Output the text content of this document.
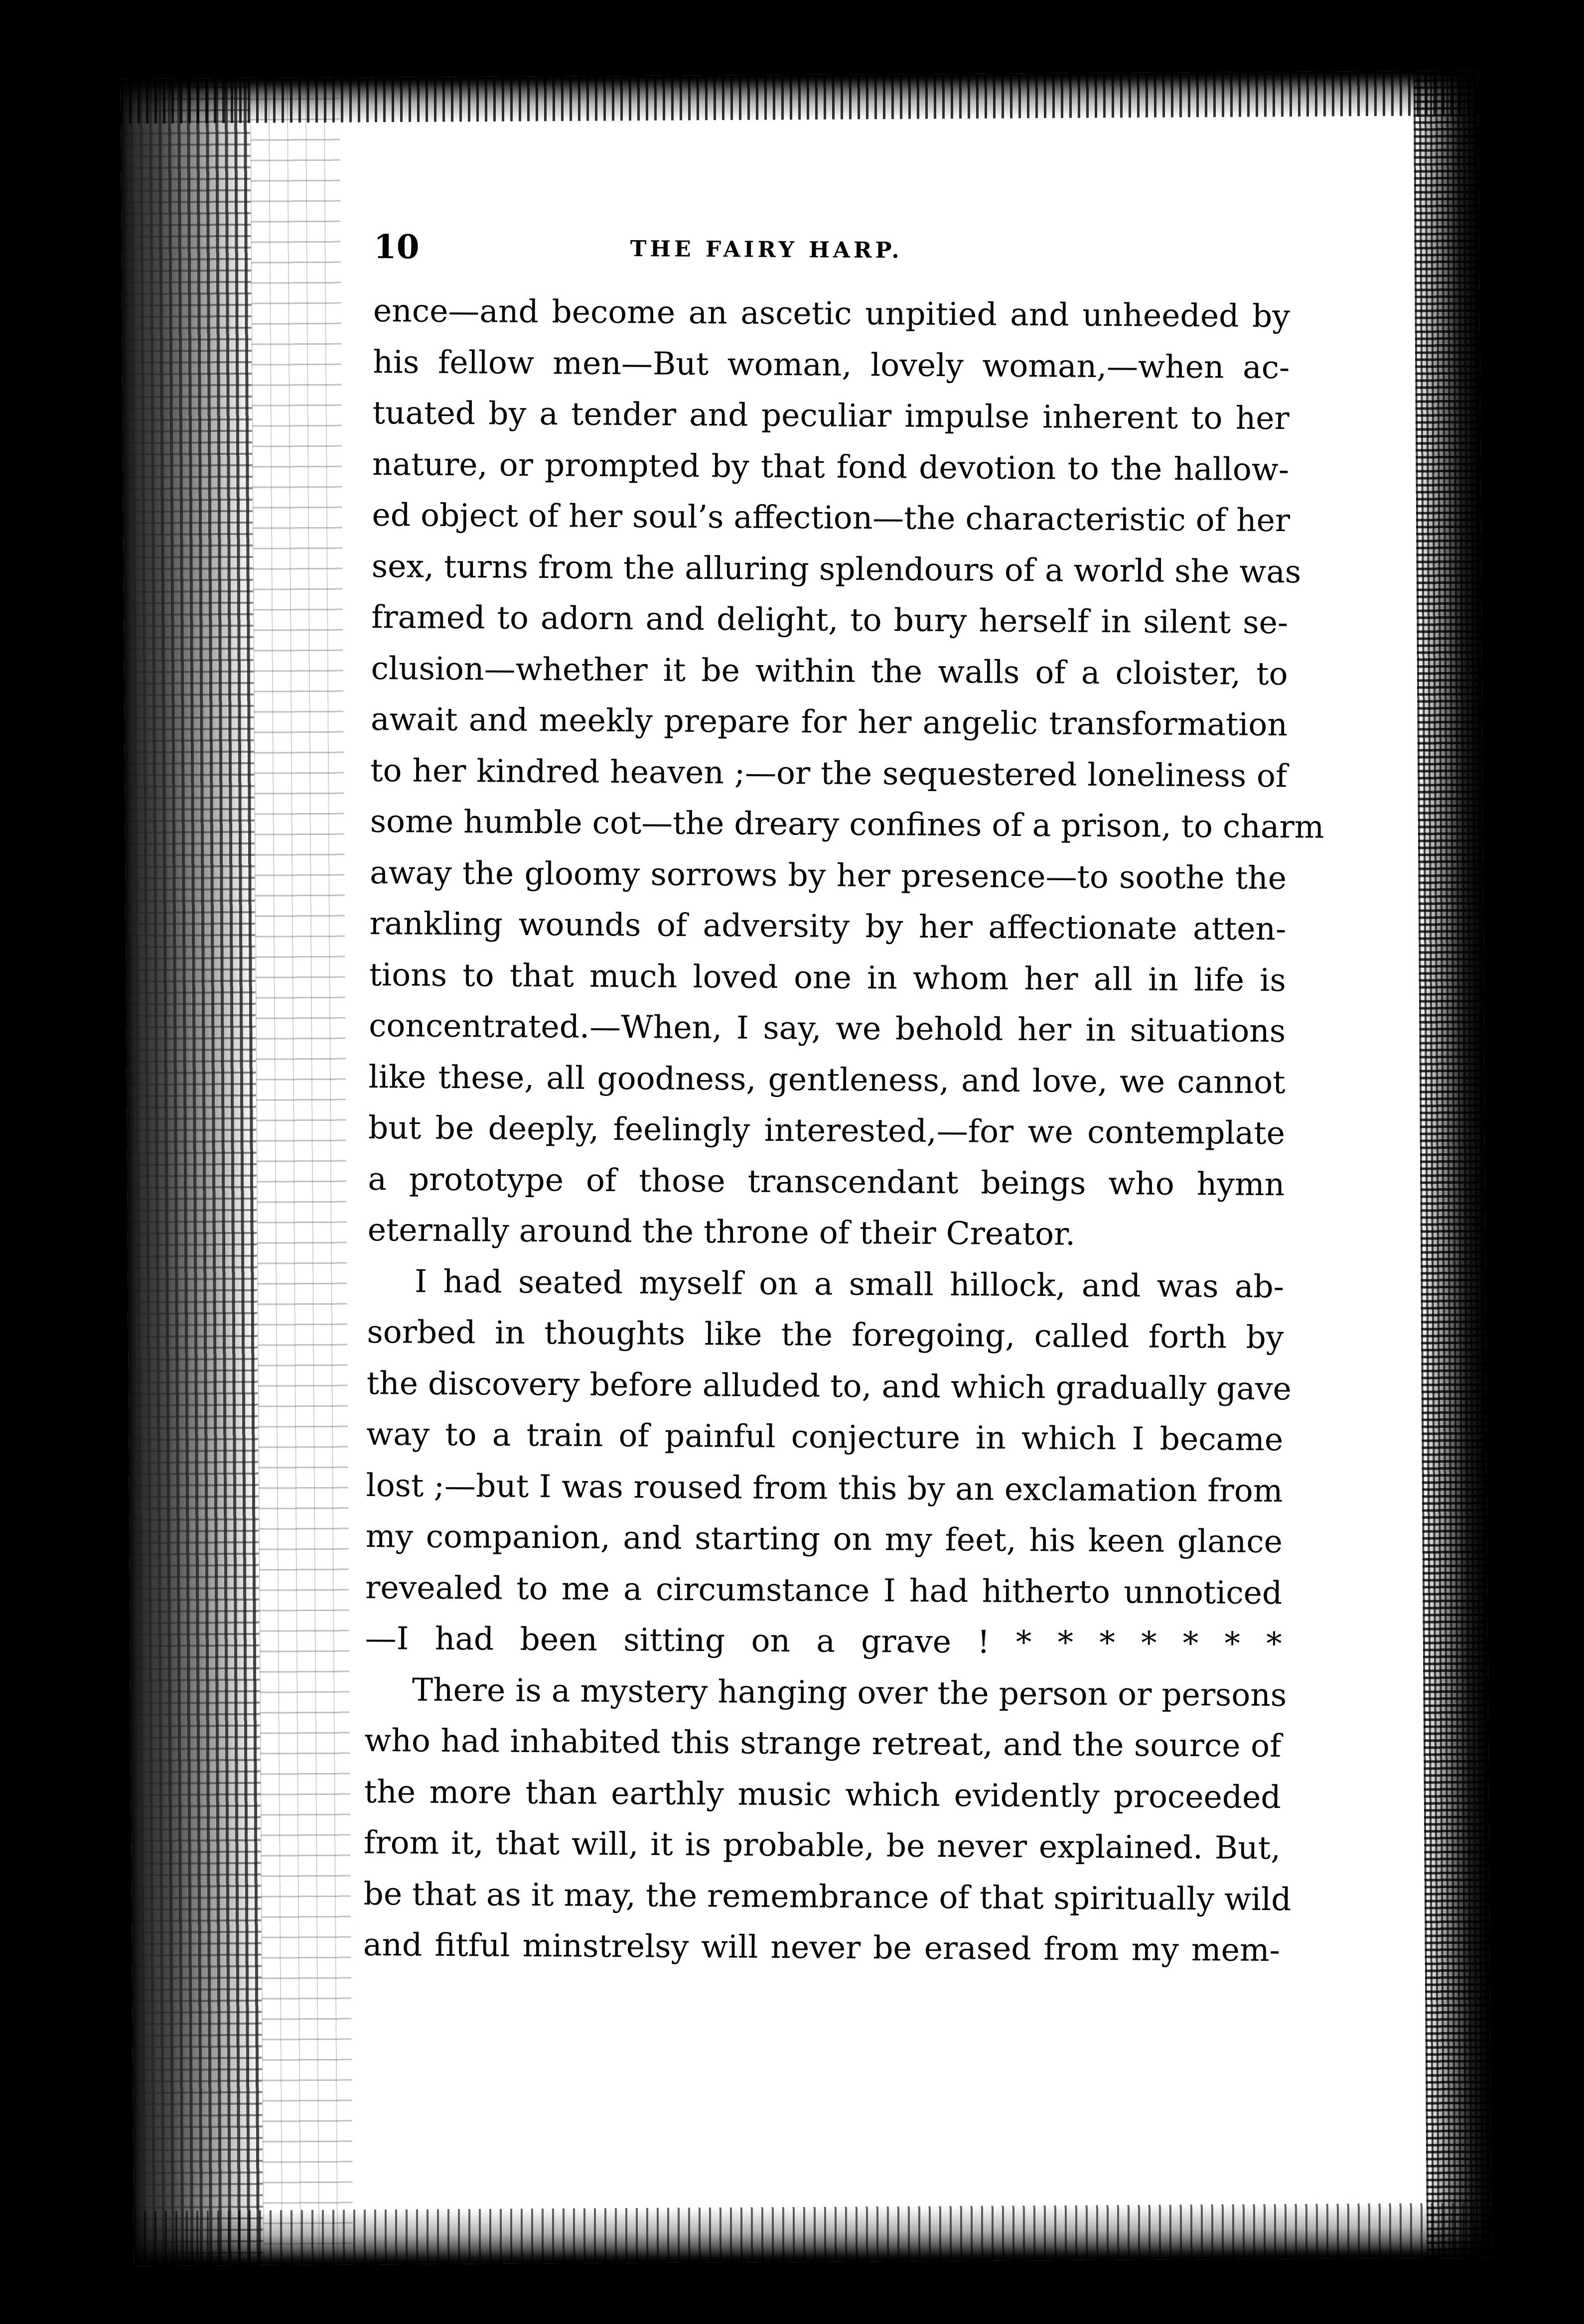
10	THE FAIRY HARP.
ence—and become an ascetic unpitied and unheeded by
his fellow men—But woman, lovely woman,—when ac-
tuated by a tender and peculiar impulse inherent to her
nature, or prompted by that fond devotion to the hallow-
ed object of her soul’s affection—the characteristic of her
sex, turns from the alluring splendours of a world she was
framed to adorn and delight, to bury herself in silent se-
clusion—whether it be within the walls of a cloister, to
await and meekly prepare for her angelic transformation
to her kindred heaven ;—or the sequestered loneliness of
some humble cot—the dreary confines of a prison, to charm
away the gloomy sorrows by her presence—to soothe the
rankling wounds of adversity by her affectionate atten-
tions to that much loved one in whom her all in life is
concentrated.—When, I say, we behold her in situations
like these, all goodness, gentleness, and love, we cannot
but be deeply, feelingly interested,—for we contemplate
a prototype of those transcendant beings who hymn
eternally around the throne of their Creator.
I had seated myself on a small hillock, and was ab-
sorbed in thoughts like the foregoing, called forth by
the discovery before alluded to, and which gradually gave
way to a train of painful conjecture in which I became
lost ;—but I was roused from this by an exclamation from
my companion, and starting on my feet, his keen glance
revealed to me a circumstance I had hitherto unnoticed
—I had been sitting on a grave ! * * * * * * *
There is a mystery hanging over the person or persons
who had inhabited this strange retreat, and the source of
the more than earthly music which evidently proceeded
from it, that will, it is probable, be never explained. But,
be that as it may, the remembrance of that spiritually wild
and fitful minstrelsy will never be erased from my mem-
